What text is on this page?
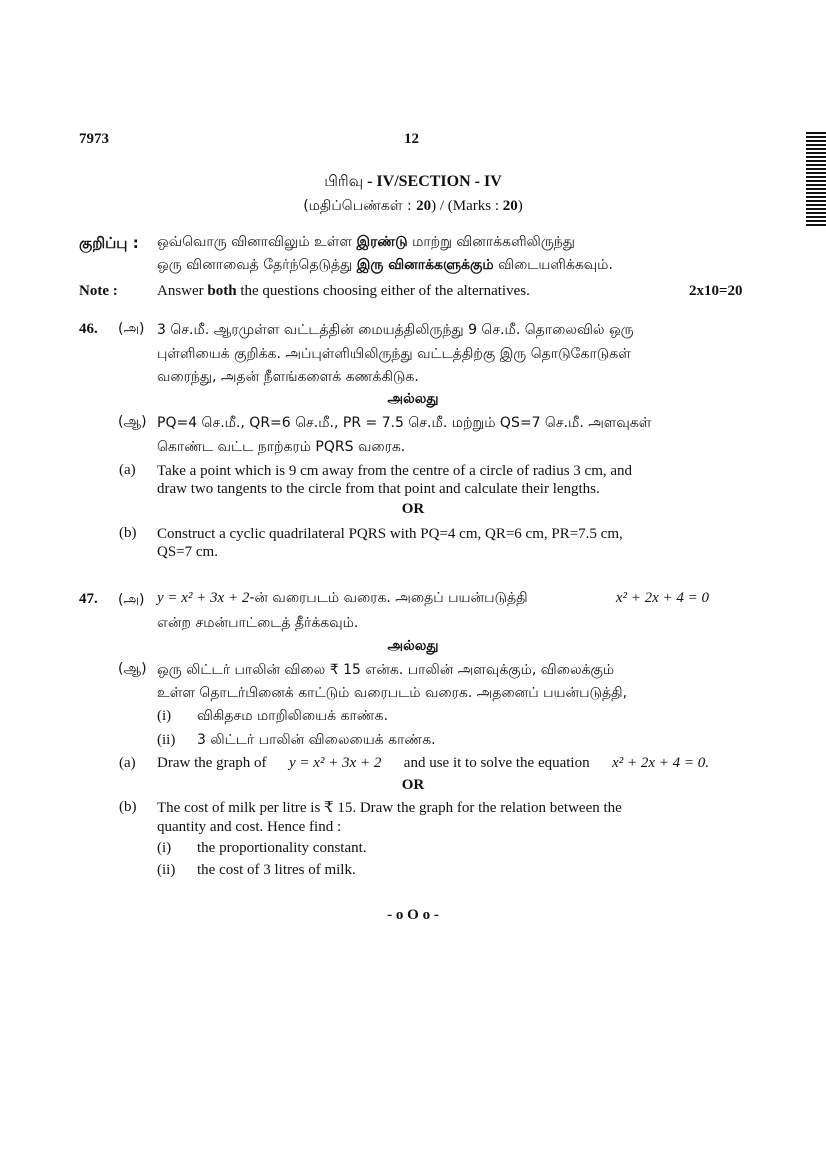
7973	12
பிரிவு - IV/SECTION - IV
(மதிப்பெண்கள் : 20) / (Marks : 20)
குறிப்பு : ஒவ்வொரு வினாவிலும் உள்ள இரண்டு மாற்று வினாக்களிலிருந்து
ஒரு வினாவைத் தேர்ந்தெடுத்து இரு வினாக்களுக்கும் விடையளிக்கவும்.
Note :	Answer both the questions choosing either of the alternatives.	2x10=20
46. (அ) 3 செ.மீ. ஆரமுள்ள வட்டத்தின் மையத்திலிருந்து 9 செ.மீ. தொலைவில் ஒரு
புள்ளியைக் குறிக்க. அப்புள்ளியிலிருந்து வட்டத்திற்கு இரு தொடுகோடுகள்
வரைந்து, அதன் நீளங்களைக் கணக்கிடுக.
அல்லது
(ஆ) PQ=4 செ.மீ., QR=6 செ.மீ., PR = 7.5 செ.மீ. மற்றும் QS=7 செ.மீ. அளவுகள்
கொண்ட வட்ட நாற்கரம் PQRS வரைக.
(a) Take a point which is 9 cm away from the centre of a circle of radius 3 cm, and
draw two tangents to the circle from that point and calculate their lengths.
OR
(b) Construct a cyclic quadrilateral PQRS with PQ=4 cm, QR=6 cm, PR=7.5 cm,
QS=7 cm.
47. (அ) y = x² + 3x + 2-ன் வரைபடம் வரைக. அதைப் பயன்படுத்தி	x² + 2x + 4 = 0
என்ற சமன்பாட்டைத் தீர்க்கவும்.
அல்லது
(ஆ) ஒரு லிட்டர் பாலின் விலை ₹ 15 என்க. பாலின் அளவுக்கும், விலைக்கும்
உள்ள தொடர்பினைக் காட்டும் வரைபடம் வரைக. அதனைப் பயன்படுத்தி,
(i) விகிதசம மாறிலியைக் காண்க.
(ii) 3 லிட்டர் பாலின் விலையைக் காண்க.
(a) Draw the graph of y = x² + 3x + 2 and use it to solve the equation x² + 2x + 4 = 0.
OR
(b) The cost of milk per litre is ₹ 15. Draw the graph for the relation between the
quantity and cost. Hence find :
(i) the proportionality constant.
(ii) the cost of 3 litres of milk.
- o O o -
